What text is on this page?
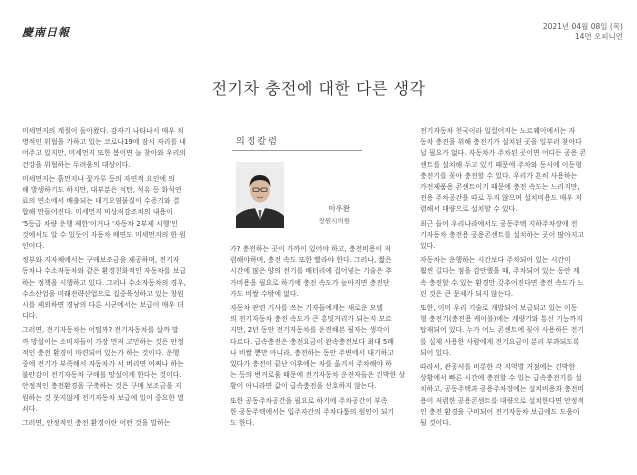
慶南日報	2021년 04월 08일 (목)
14면 오피니언
전기차 충전에 대한 다른 생각

미세먼지의 계절이 돌아왔다. 감자기 나타나서 매우 치

명적인 위협을 가하고 있는 코로나19에 잠시 자리를 내

어주고 있지만, 미세먼지 또한 봄이면 늘 찾아와 우리의

건강을 위협하는 두려움의 대상이다.

미세먼지는 흙먼지나 꽃가루 등의 자연적 요인에 의

해 발생하기도 하지만, 대부분은 석탄, 석유 등 화석연

료의 연소에서 배출되는 대기오염물질이 수증기와 결

합해 만들어진다. 미세먼지 비상저감조치의 내용이

'5등급 차량 운행 제한'이거나 '자동차 2부제 시행'인

것에서도 알 수 있듯이 자동차 배연도 미세먼지의 한 원

인이다.

정부와 지자체에서는 구매보조금을 제공하며, 전기자

동차나 수소자동차와 같은 환경친화적인 자동차를 보급

하는 정책을 시행하고 있다. 그러나 수소자동차의 경우,

수소산업을 미래전략산업으로 집중육성하고 있는 창원

시를 제외하면 경남의 다른 시군에서는 보급이 매우 더

디다.

그러면, 전기자동차는 어떨까? 전기자동차를 살까 말

까 망설이는 소비자들이 가장 먼저 고민하는 것은 안정

적인 충전 환경이 마련되어 있는가 하는 것이다. 운행

중에 전기가 부족해서 자동차가 서 버리면 어쩌나 하는

불안감이 전기자동차 구매를 망설이게 한다는 것이다.

안정적인 충전환경을 구축하는 것은 구매 보조금을 지

원하는 것 못지않게 전기자동차 보급에 있어 중요한 열

쇠다.

그러면, 안정적인 충전 환경이란 어떤 것을 말하는

의정칼럼
이우완
창원시의원

가? 충전하는 곳이 가까이 있어야 하고, 충전비용이 저

렴해야하며, 충전 속도 또한 빨라야 한다. 그러나, 짧은

시간에 많은 양의 전기를 배터리에 집어넣는 기술은 추

가비용을 필요로 하기에 충전 속도가 높아지면 충전단

가도 비쌀 수밖에 없다.

자동차 관련 기사를 쓰는 기자들에게는 새로운 모델

의 전기자동차 충전 속도가 큰 흥밋거리가 되는지 모르

지만, 2년 동안 전기자동차를 운전해본 필자는 생각이

다르다. 급속충전은 충전요금이 완속충전보다 최대 5배

나 비쌀 뿐만 아니라, 충전하는 동안 주변에서 대기하고

있다가 충전이 끝난 이후에는 차를 옮겨서 주차해야 하

는 등의 번거로움 때문에 전기자동차 운전자들은 긴박한 상

황이 아니라면 값이 급속충전을 선호하지 않는다.

또한 공동주차공간을 필요로 하기에 주차공간이 부족

한 공동주택에서는 입주자간의 주차다툼의 원인이 되기

도 한다.

전기자동차 천국이라 일컬어지는 노르웨이에서는 자

동차 충전을 위해 충전기가 설치된 곳을 일부러 찾아다

닐 필요가 없다. 자동차가 주차된 곳이면 어디든 공용 콘

센트를 설치해 두고 있기 때문에 주차와 동시에 이동형

충전기를 꽂아 충전할 수 있다. 우리가 흔히 사용하는

가전제품용 콘센트이기 때문에 충전 속도는 느리지만,

전용 주차공간을 따로 두지 않으며 설치비용도 매우 저

렴해서 대량으로 설치할 수 있다.

최근 들어 우리나라에서도 공동주택 지하주차장에 전

기자동차 충전용 공용콘센트를 설치하는 곳이 많아지고

있다.

자동차는 운행하는 시간보다 주차되어 있는 시간이

훨씬 길다는 점을 감안했을 때, 주차되어 있는 동안 계

속 충전할 수 있는 환경만 갖추어진다면 충전 속도가 느

린 것은 큰 문제가 되지 않는다.

또한, 이미 우리 기술로 개발되어 보급되고 있는 이동

형 충전기(충전용 케이블)에는 계량기와 통신 기능까지

탑재되어 있다. 누가 어느 콘센트에 꽂아 사용하든 전기

를 실제 사용한 사람에게 전기요금이 분리 부과되도록

되어 있다.

따라서, 관공서를 비롯한 각 지역별 거점에는 긴박한

상황에서 빠른 시간에 충전할 수 있는 급속충전기를 설

치하고, 공동주택과 공용주차장에는 설치비용과 충전비

용이 저렴한 공용콘센트를 대량으로 설치한다면 안정적

인 충전 환경을 구비되어 전기자동차 보급에도 도움이

될 것이다.
